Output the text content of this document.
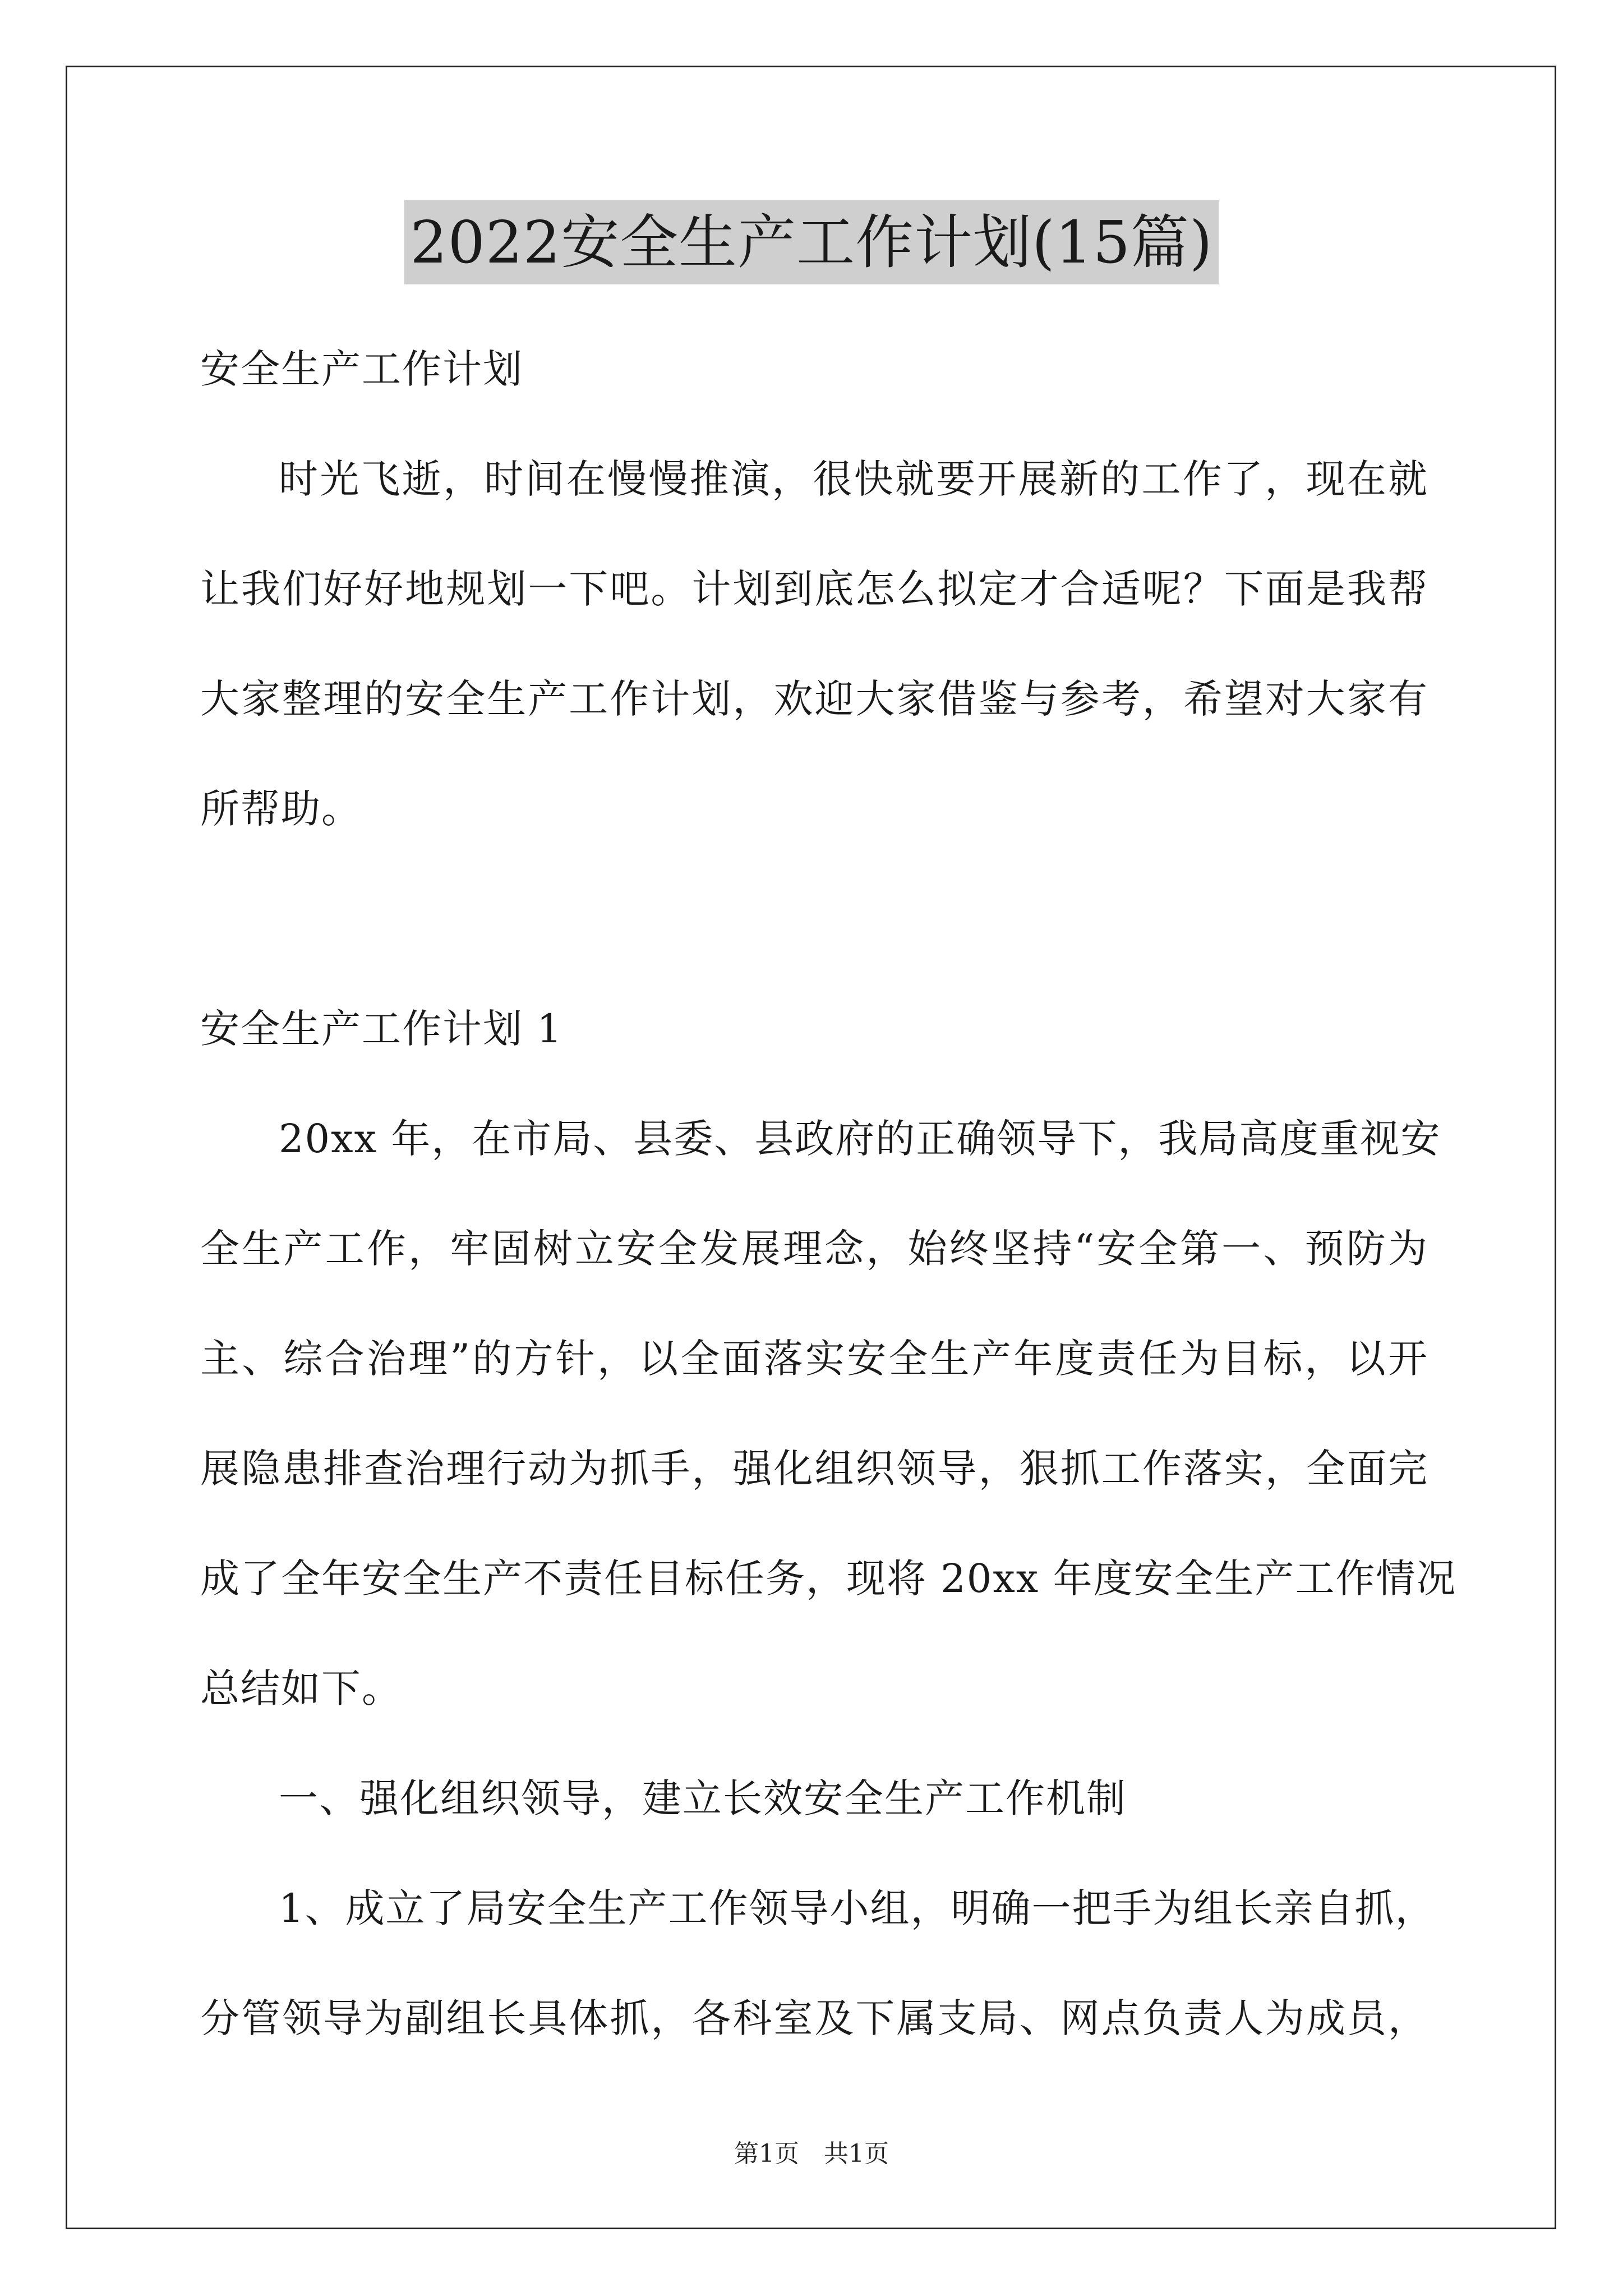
2022安全生产工作计划(15篇)
安全生产工作计划
时光飞逝，时间在慢慢推演，很快就要开展新的工作了，现在就
让我们好好地规划一下吧。计划到底怎么拟定才合适呢？下面是我帮
大家整理的安全生产工作计划，欢迎大家借鉴与参考，希望对大家有
所帮助。
安全生产工作计划 1
20xx 年，在市局、县委、县政府的正确领导下，我局高度重视安
全生产工作，牢固树立安全发展理念，始终坚持“安全第一、预防为
主、综合治理”的方针，以全面落实安全生产年度责任为目标，以开
展隐患排查治理行动为抓手，强化组织领导，狠抓工作落实，全面完
成了全年安全生产不责任目标任务，现将 20xx 年度安全生产工作情况
总结如下。
一、强化组织领导，建立长效安全生产工作机制
1、成立了局安全生产工作领导小组，明确一把手为组长亲自抓，
分管领导为副组长具体抓，各科室及下属支局、网点负责人为成员，
第1页 共1页
